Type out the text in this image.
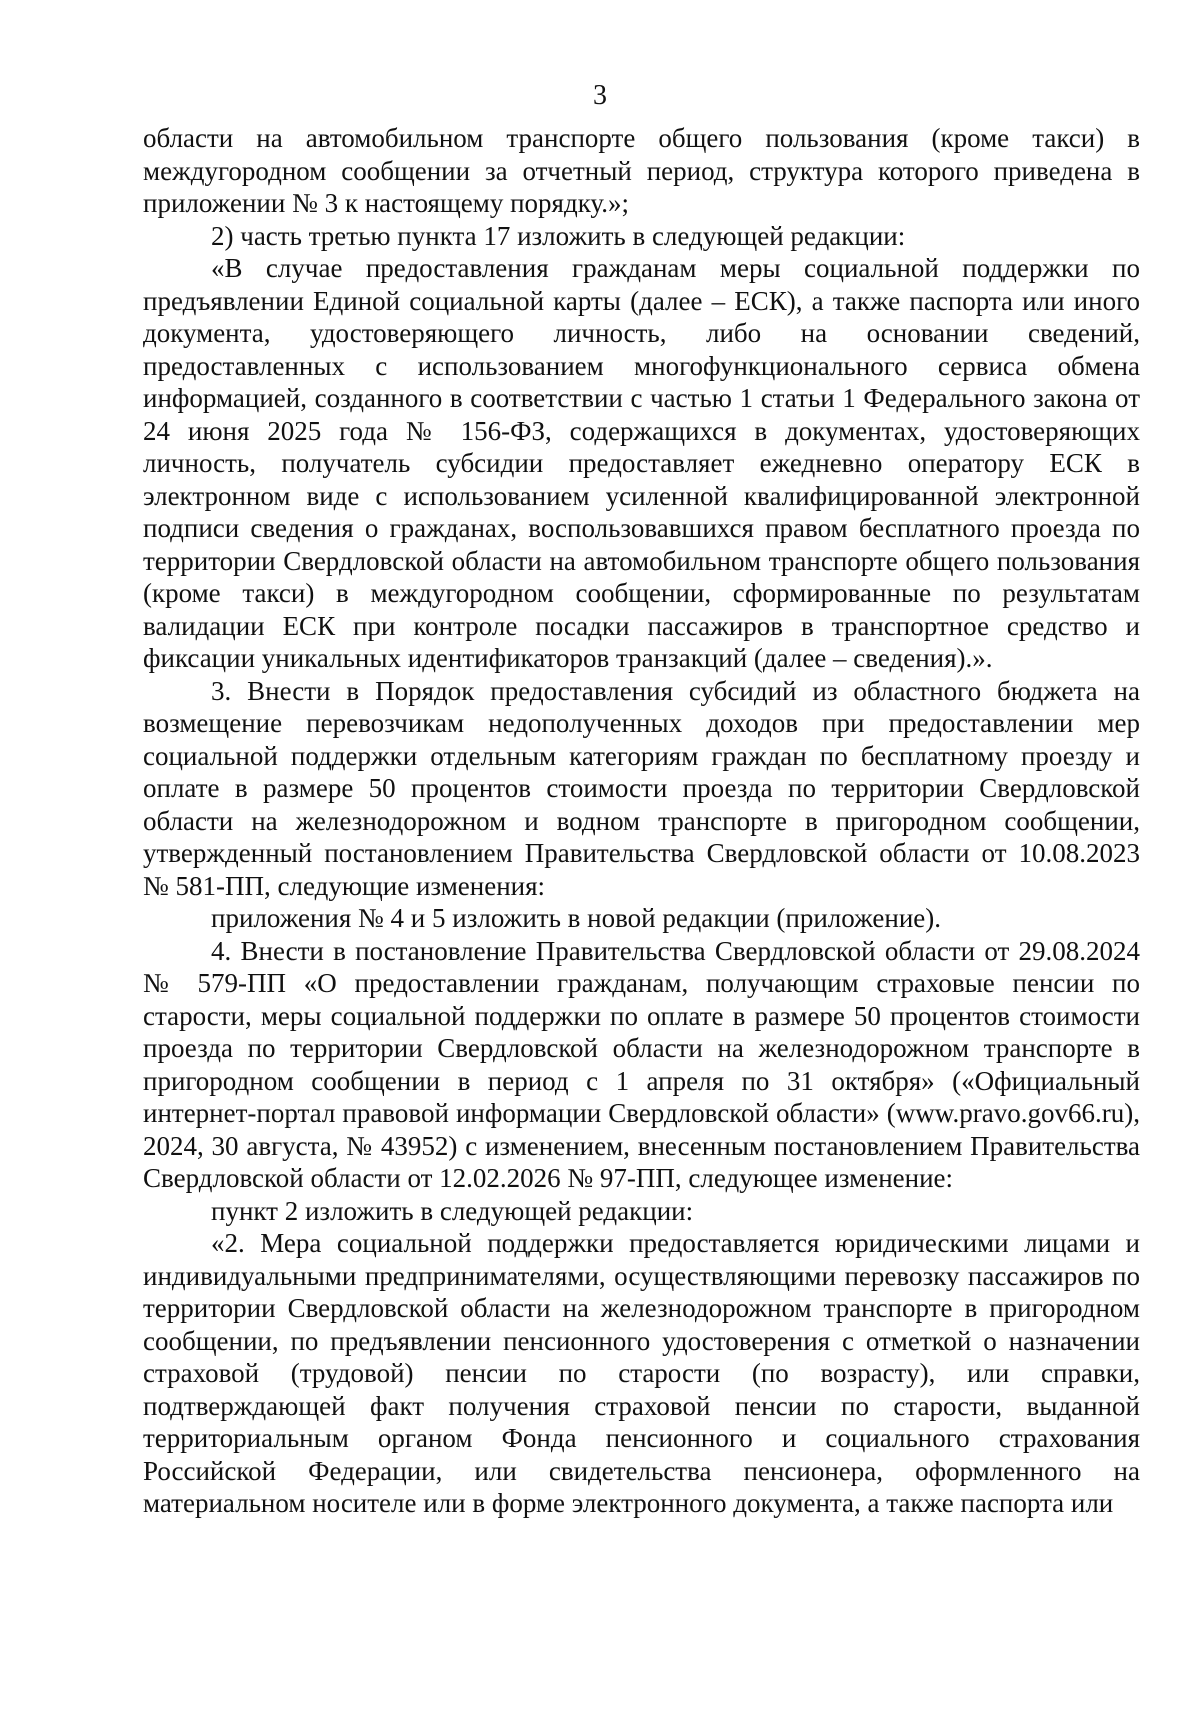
3

области на автомобильном транспорте общего пользования (кроме такси) в междугородном сообщении за отчетный период, структура которого приведена в приложении № 3 к настоящему порядку.»;

2) часть третью пункта 17 изложить в следующей редакции:

«В случае предоставления гражданам меры социальной поддержки по предъявлении Единой социальной карты (далее – ЕСК), а также паспорта или иного документа, удостоверяющего личность, либо на основании сведений, предоставленных с использованием многофункционального сервиса обмена информацией, созданного в соответствии с частью 1 статьи 1 Федерального закона от 24 июня 2025 года № 156-ФЗ, содержащихся в документах, удостоверяющих личность, получатель субсидии предоставляет ежедневно оператору ЕСК в электронном виде с использованием усиленной квалифицированной электронной подписи сведения о гражданах, воспользовавшихся правом бесплатного проезда по территории Свердловской области на автомобильном транспорте общего пользования (кроме такси) в междугородном сообщении, сформированные по результатам валидации ЕСК при контроле посадки пассажиров в транспортное средство и фиксации уникальных идентификаторов транзакций (далее – сведения).».

3. Внести в Порядок предоставления субсидий из областного бюджета на возмещение перевозчикам недополученных доходов при предоставлении мер социальной поддержки отдельным категориям граждан по бесплатному проезду и оплате в размере 50 процентов стоимости проезда по территории Свердловской области на железнодорожном и водном транспорте в пригородном сообщении, утвержденный постановлением Правительства Свердловской области от 10.08.2023 № 581-ПП, следующие изменения:

приложения № 4 и 5 изложить в новой редакции (приложение).

4. Внести в постановление Правительства Свердловской области от 29.08.2024 № 579-ПП «О предоставлении гражданам, получающим страховые пенсии по старости, меры социальной поддержки по оплате в размере 50 процентов стоимости проезда по территории Свердловской области на железнодорожном транспорте в пригородном сообщении в период с 1 апреля по 31 октября» («Официальный интернет-портал правовой информации Свердловской области» (www.pravo.gov66.ru), 2024, 30 августа, № 43952) с изменением, внесенным постановлением Правительства Свердловской области от 12.02.2026 № 97-ПП, следующее изменение:

пункт 2 изложить в следующей редакции:

«2. Мера социальной поддержки предоставляется юридическими лицами и индивидуальными предпринимателями, осуществляющими перевозку пассажиров по территории Свердловской области на железнодорожном транспорте в пригородном сообщении, по предъявлении пенсионного удостоверения с отметкой о назначении страховой (трудовой) пенсии по старости (по возрасту), или справки, подтверждающей факт получения страховой пенсии по старости, выданной территориальным органом Фонда пенсионного и социального страхования Российской Федерации, или свидетельства пенсионера, оформленного на материальном носителе или в форме электронного документа, а также паспорта или
